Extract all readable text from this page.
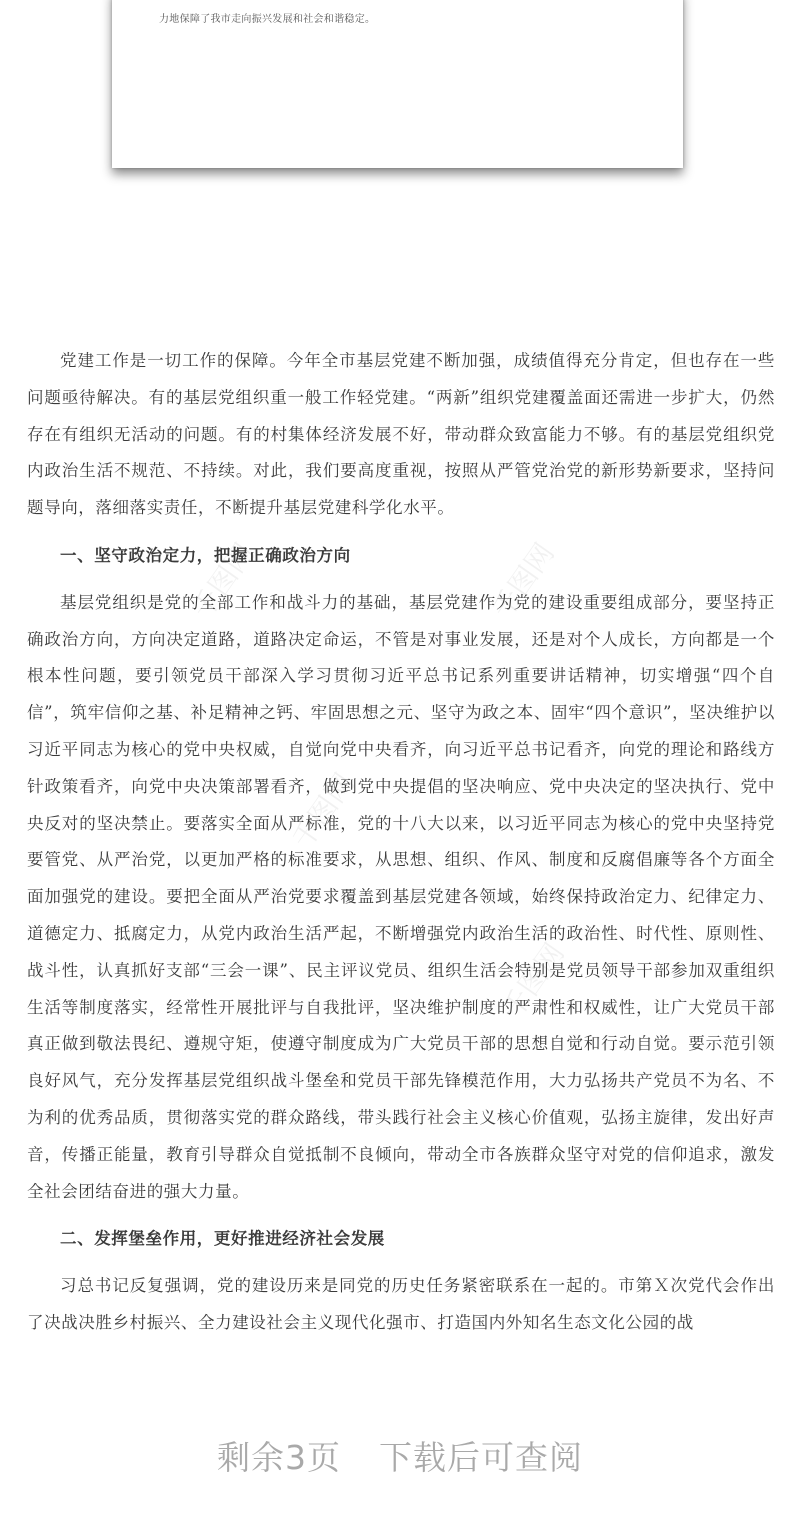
力地保障了我市走向振兴发展和社会和谐稳定。
千图网	千图网
千图网
千图网

党建工作是一切工作的保障。今年全市基层党建不断加强，成绩值得充分肯定，但也存在一些问题亟待解决。有的基层党组织重一般工作轻党建。“两新”组织党建覆盖面还需进一步扩大，仍然存在有组织无活动的问题。有的村集体经济发展不好，带动群众致富能力不够。有的基层党组织党内政治生活不规范、不持续。对此，我们要高度重视，按照从严管党治党的新形势新要求，坚持问题导向，落细落实责任，不断提升基层党建科学化水平。

一、坚守政治定力，把握正确政治方向

基层党组织是党的全部工作和战斗力的基础，基层党建作为党的建设重要组成部分，要坚持正确政治方向，方向决定道路，道路决定命运，不管是对事业发展，还是对个人成长，方向都是一个根本性问题，要引领党员干部深入学习贯彻习近平总书记系列重要讲话精神，切实增强“四个自信”，筑牢信仰之基、补足精神之钙、牢固思想之元、坚守为政之本、固牢“四个意识”，坚决维护以习近平同志为核心的党中央权威，自觉向党中央看齐，向习近平总书记看齐，向党的理论和路线方针政策看齐，向党中央决策部署看齐，做到党中央提倡的坚决响应、党中央决定的坚决执行、党中央反对的坚决禁止。要落实全面从严标准，党的十八大以来，以习近平同志为核心的党中央坚持党要管党、从严治党，以更加严格的标准要求，从思想、组织、作风、制度和反腐倡廉等各个方面全面加强党的建设。要把全面从严治党要求覆盖到基层党建各领域，始终保持政治定力、纪律定力、道德定力、抵腐定力，从党内政治生活严起，不断增强党内政治生活的政治性、时代性、原则性、战斗性，认真抓好支部“三会一课”、民主评议党员、组织生活会特别是党员领导干部参加双重组织生活等制度落实，经常性开展批评与自我批评，坚决维护制度的严肃性和权威性，让广大党员干部真正做到敬法畏纪、遵规守矩，使遵守制度成为广大党员干部的思想自觉和行动自觉。要示范引领良好风气，充分发挥基层党组织战斗堡垒和党员干部先锋模范作用，大力弘扬共产党员不为名、不为利的优秀品质，贯彻落实党的群众路线，带头践行社会主义核心价值观，弘扬主旋律，发出好声音，传播正能量，教育引导群众自觉抵制不良倾向，带动全市各族群众坚守对党的信仰追求，激发全社会团结奋进的强大力量。

二、发挥堡垒作用，更好推进经济社会发展

习总书记反复强调，党的建设历来是同党的历史任务紧密联系在一起的。市第Ｘ次党代会作出了决战决胜乡村振兴、全力建设社会主义现代化强市、打造国内外知名生态文化公园的战

剩余3页 下载后可查阅
